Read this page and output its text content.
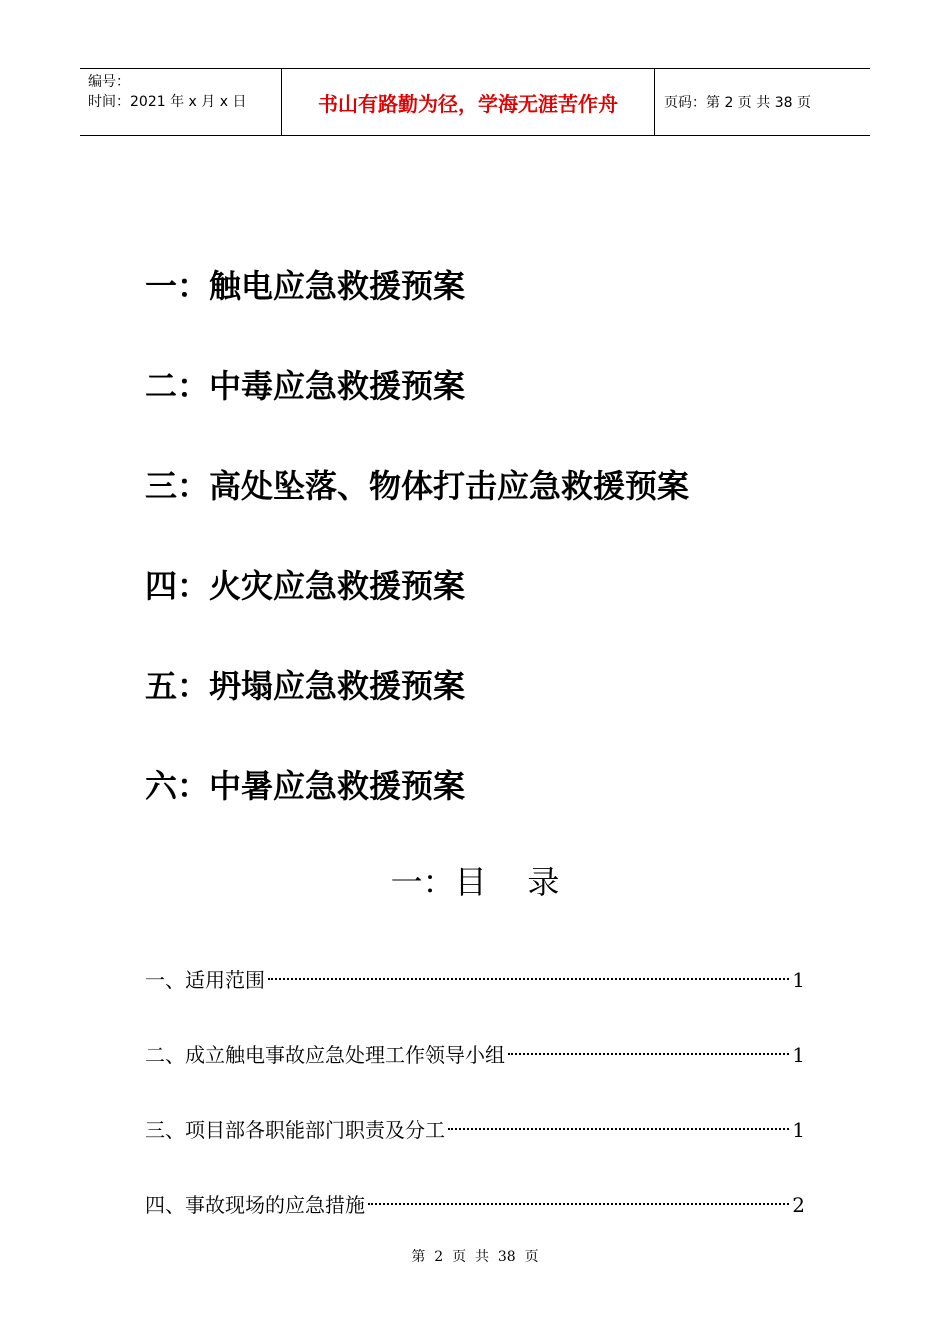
编号：
时间：2021 年 x 月 x 日	书山有路勤为径，学海无涯苦作舟	页码：第 2 页 共 38 页
一：触电应急救援预案
二：中毒应急救援预案
三：高处坠落、物体打击应急救援预案
四：火灾应急救援预案
五：坍塌应急救援预案
六：中暑应急救援预案
一：目    录
一、适用范围	1
二、成立触电事故应急处理工作领导小组	1
三、项目部各职能部门职责及分工	1
四、事故现场的应急措施	2
第  2  页  共  38  页
